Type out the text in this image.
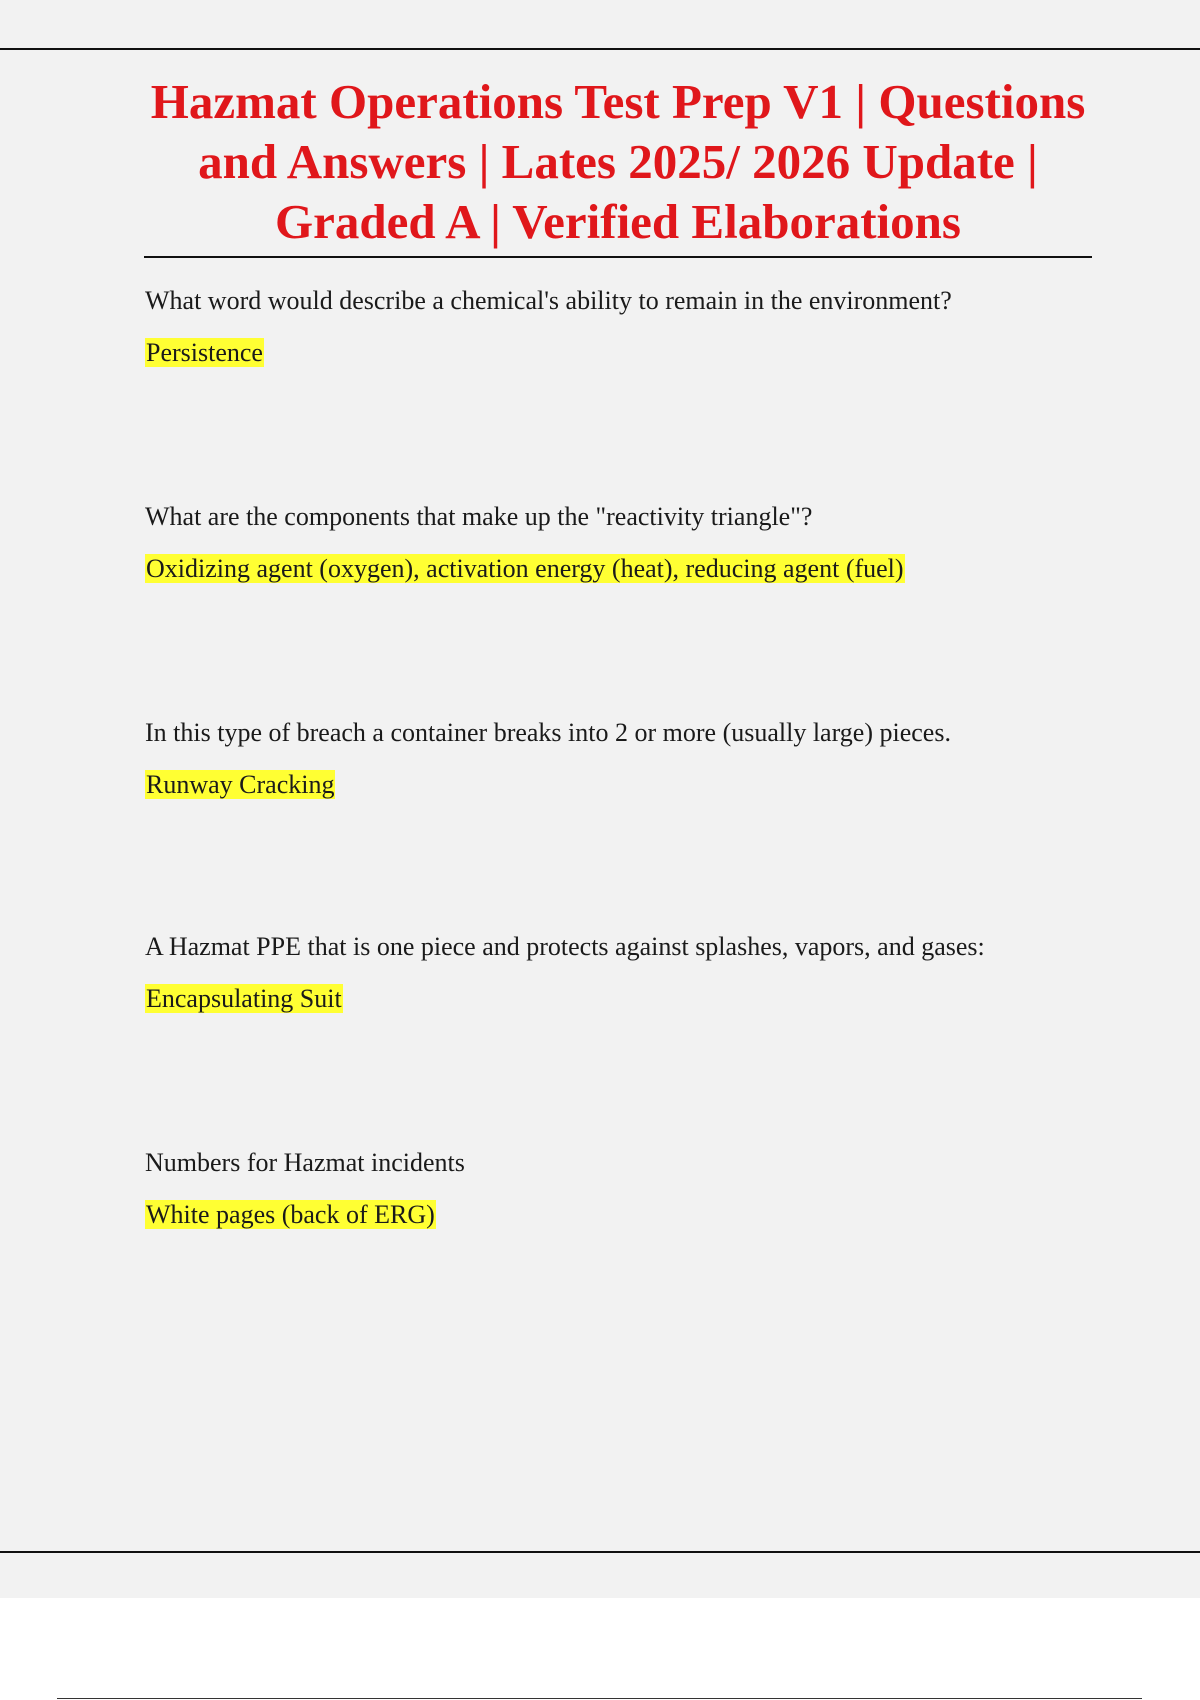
Hazmat Operations Test Prep V1 | Questions and Answers | Lates 2025/ 2026 Update | Graded A | Verified Elaborations

What word would describe a chemical's ability to remain in the environment?

Persistence

What are the components that make up the "reactivity triangle"?

Oxidizing agent (oxygen), activation energy (heat), reducing agent (fuel)

In this type of breach a container breaks into 2 or more (usually large) pieces.

Runway Cracking

A Hazmat PPE that is one piece and protects against splashes, vapors, and gases:

Encapsulating Suit

Numbers for Hazmat incidents

White pages (back of ERG)
